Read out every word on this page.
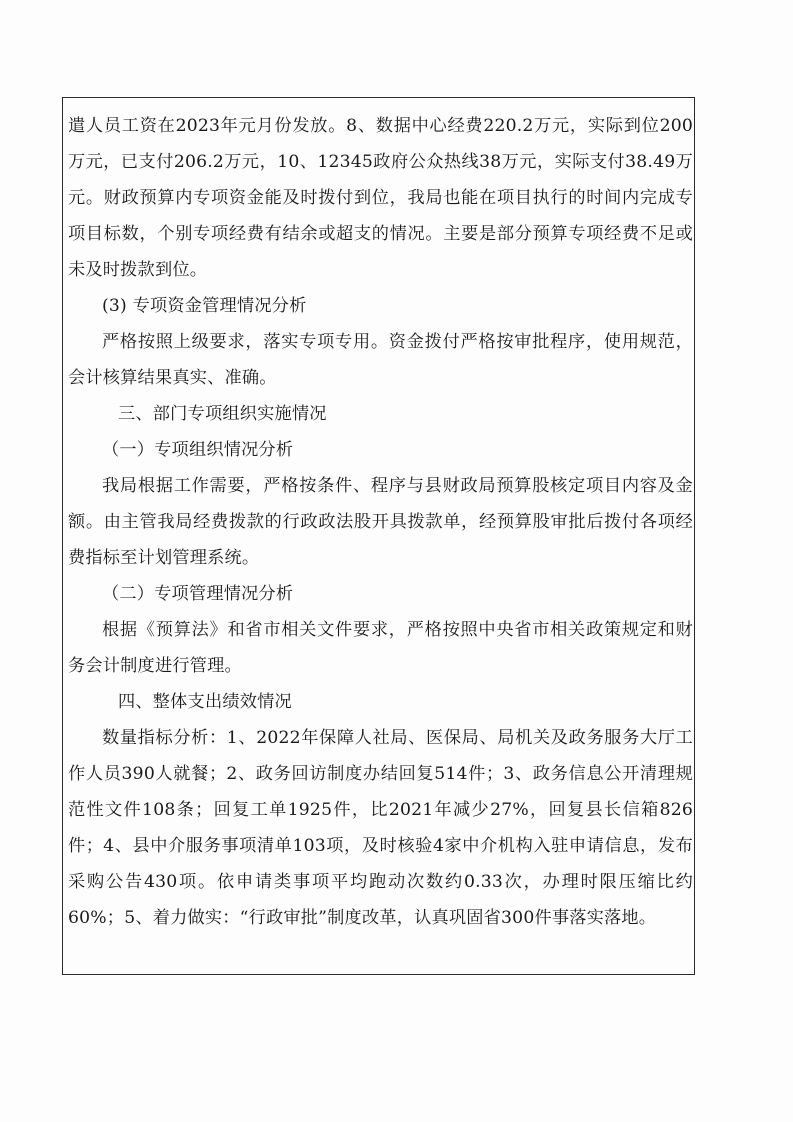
遣人员工资在2023年元月份发放。8、数据中心经费220.2万元，实际到位200万元，已支付206.2万元，10、12345政府公众热线38万元，实际支付38.49万元。财政预算内专项资金能及时拨付到位，我局也能在项目执行的时间内完成专项目标数，个别专项经费有结余或超支的情况。主要是部分预算专项经费不足或未及时拨款到位。

(3) 专项资金管理情况分析

严格按照上级要求，落实专项专用。资金拨付严格按审批程序，使用规范，会计核算结果真实、准确。

三、部门专项组织实施情况

（一）专项组织情况分析

我局根据工作需要，严格按条件、程序与县财政局预算股核定项目内容及金额。由主管我局经费拨款的行政政法股开具拨款单，经预算股审批后拨付各项经费指标至计划管理系统。

（二）专项管理情况分析

根据《预算法》和省市相关文件要求，严格按照中央省市相关政策规定和财务会计制度进行管理。

四、整体支出绩效情况

数量指标分析：1、2022年保障人社局、医保局、局机关及政务服务大厅工作人员390人就餐；2、政务回访制度办结回复514件；3、政务信息公开清理规范性文件108条；回复工单1925件，比2021年减少27%，回复县长信箱826件；4、县中介服务事项清单103项，及时核验4家中介机构入驻申请信息，发布采购公告430项。依申请类事项平均跑动次数约0.33次，办理时限压缩比约60%；5、着力做实：“行政审批”制度改革，认真巩固省300件事落实落地。
